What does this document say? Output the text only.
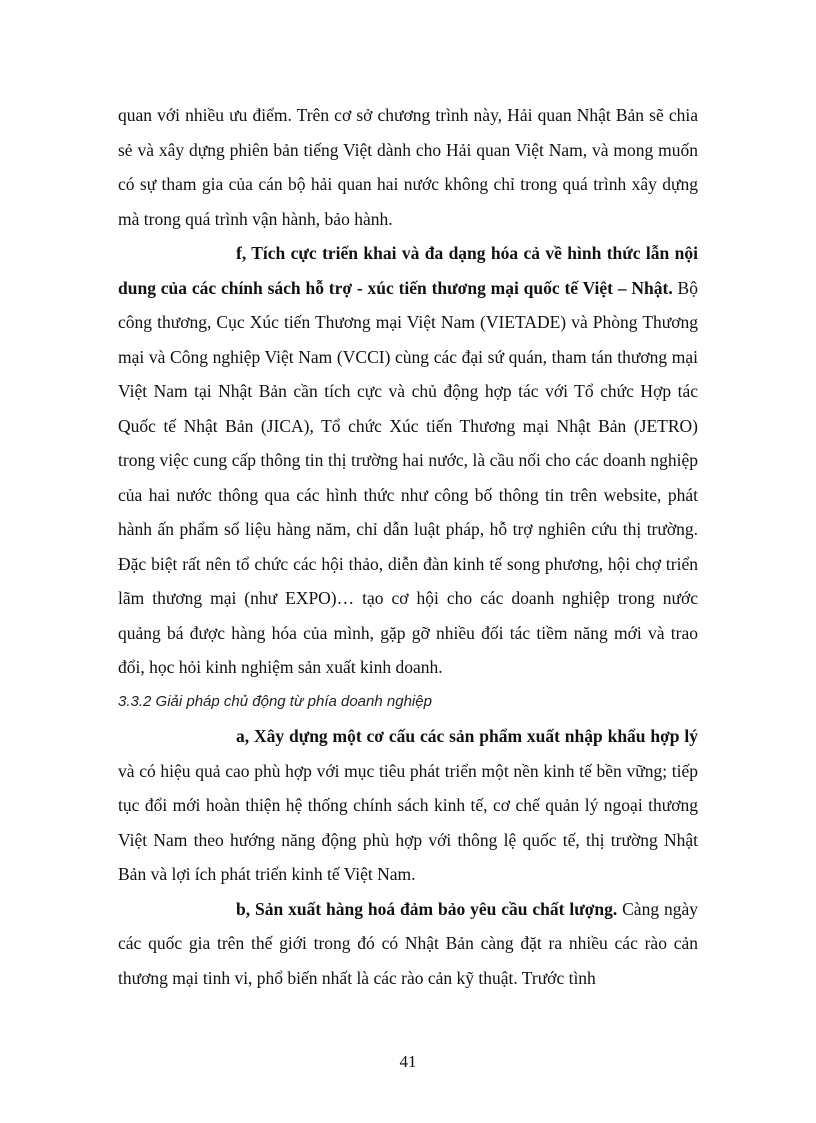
quan với nhiều ưu điểm. Trên cơ sở chương trình này, Hải quan Nhật Bản sẽ chia sẻ và xây dựng phiên bản tiếng Việt dành cho Hải quan Việt Nam, và mong muốn có sự tham gia của cán bộ hải quan hai nước không chỉ trong quá trình xây dựng mà trong quá trình vận hành, bảo hành.

f, Tích cực triển khai và đa dạng hóa cả về hình thức lẫn nội dung của các chính sách hỗ trợ - xúc tiến thương mại quốc tế Việt – Nhật. Bộ công thương, Cục Xúc tiến Thương mại Việt Nam (VIETADE) và Phòng Thương mại và Công nghiệp Việt Nam (VCCI) cùng các đại sứ quán, tham tán thương mại Việt Nam tại Nhật Bản cần tích cực và chủ động hợp tác với Tổ chức Hợp tác Quốc tế Nhật Bản (JICA), Tổ chức Xúc tiến Thương mại Nhật Bản (JETRO) trong việc cung cấp thông tin thị trường hai nước, là cầu nối cho các doanh nghiệp của hai nước thông qua các hình thức như công bố thông tin trên website, phát hành ấn phẩm số liệu hàng năm, chỉ dẫn luật pháp, hỗ trợ nghiên cứu thị trường. Đặc biệt rất nên tổ chức các hội thảo, diễn đàn kinh tế song phương, hội chợ triển lãm thương mại (như EXPO)… tạo cơ hội cho các doanh nghiệp trong nước quảng bá được hàng hóa của mình, gặp gỡ nhiều đối tác tiềm năng mới và trao đổi, học hỏi kinh nghiệm sản xuất kinh doanh.

3.3.2 Giải pháp chủ động từ phía doanh nghiệp

a, Xây dựng một cơ cấu các sản phẩm xuất nhập khẩu hợp lý và có hiệu quả cao phù hợp với mục tiêu phát triển một nền kinh tế bền vững; tiếp tục đổi mới hoàn thiện hệ thống chính sách kinh tế, cơ chế quản lý ngoại thương Việt Nam theo hướng năng động phù hợp với thông lệ quốc tế, thị trường Nhật Bản và lợi ích phát triển kinh tế Việt Nam.

b, Sản xuất hàng hoá đảm bảo yêu cầu chất lượng. Càng ngày các quốc gia trên thế giới trong đó có Nhật Bản càng đặt ra nhiều các rào cản thương mại tinh vi, phổ biến nhất là các rào cản kỹ thuật. Trước tình

41
